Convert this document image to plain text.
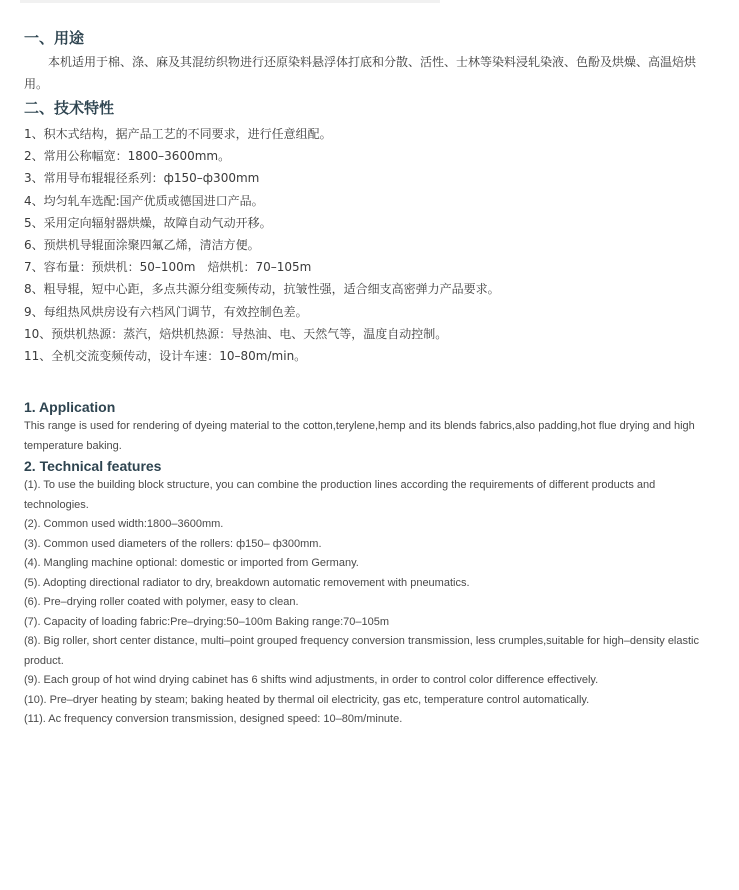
一、用途

本机适用于棉、涤、麻及其混纺织物进行还原染料悬浮体打底和分散、活性、士林等染料浸轧染液、色酚及烘燥、高温焙烘用。

二、技术特性
1、积木式结构，据产品工艺的不同要求，进行任意组配。
2、常用公称幅宽：1800–3600mm。
3、常用导布辊辊径系列：ф150–ф300mm
4、均匀轧车选配:国产优质或德国进口产品。
5、采用定向辐射器烘燥，故障自动气动开移。
6、预烘机导辊面涂聚四氟乙烯，清洁方便。
7、容布量：预烘机：50–100m　焙烘机：70–105m
8、粗导辊，短中心距，多点共源分组变频传动，抗皱性强，适合细支高密弹力产品要求。
9、每组热风烘房设有六档风门调节，有效控制色差。
10、预烘机热源：蒸汽，焙烘机热源：导热油、电、天然气等，温度自动控制。
11、全机交流变频传动，设计车速：10–80m/min。
1. Application

This range is used for rendering of dyeing material to the cotton,terylene,hemp and its blends fabrics,also padding,hot flue drying and high temperature baking.

2. Technical features
(1). To use the building block structure, you can combine the production lines according the requirements of different products and technologies.
(2). Common used width:1800–3600mm.
(3). Common used diameters of the rollers: ф150– ф300mm.
(4). Mangling machine optional: domestic or imported from Germany.
(5). Adopting directional radiator to dry, breakdown automatic removement with pneumatics.
(6). Pre–drying roller coated with polymer, easy to clean.
(7). Capacity of loading fabric:Pre–drying:50–100m Baking range:70–105m
(8). Big roller, short center distance, multi–point grouped frequency conversion transmission, less crumples,suitable for high–density elastic product.
(9). Each group of hot wind drying cabinet has 6 shifts wind adjustments, in order to control color difference effectively.
(10). Pre–dryer heating by steam; baking heated by thermal oil electricity, gas etc, temperature control automatically.
(11). Ac frequency conversion transmission, designed speed: 10–80m/minute.
